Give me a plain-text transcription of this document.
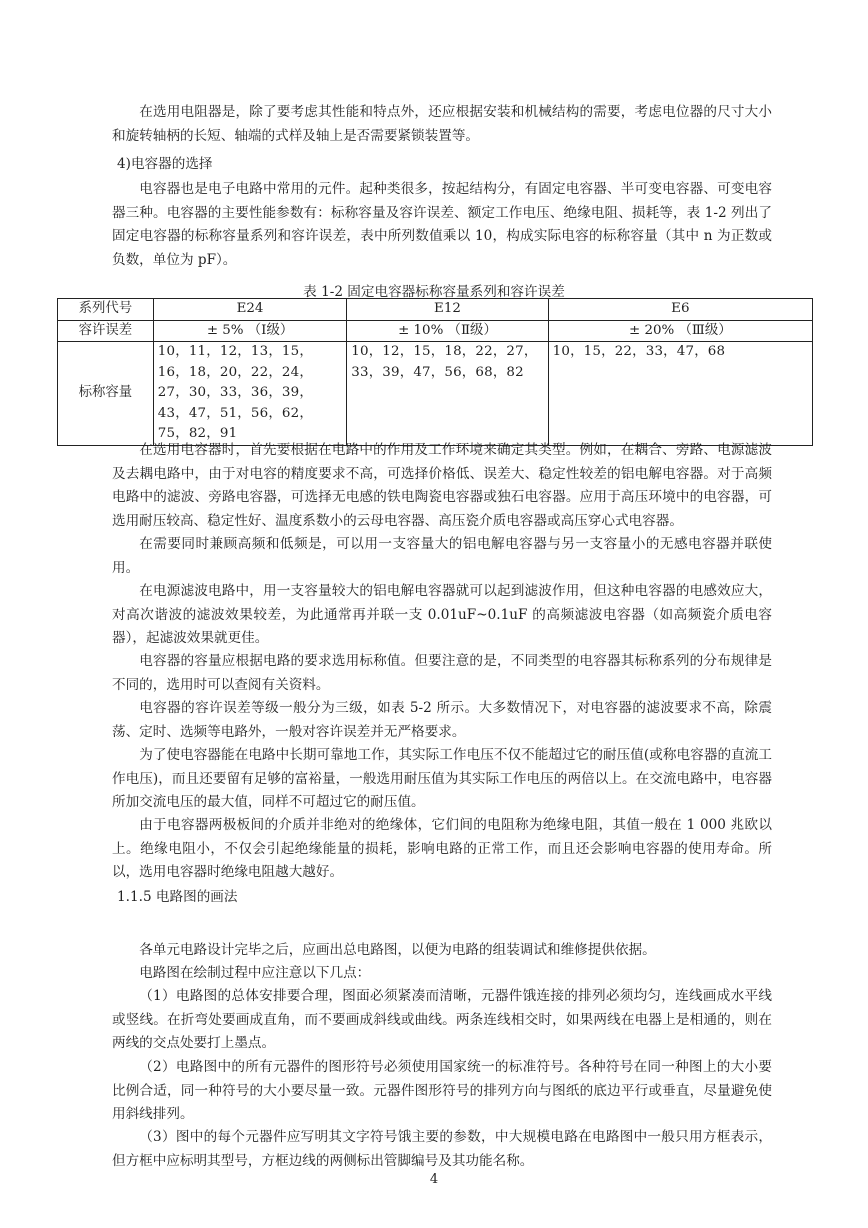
在选用电阻器是，除了要考虑其性能和特点外，还应根据安装和机械结构的需要，考虑电位器的尺寸大小和旋转轴柄的长短、轴端的式样及轴上是否需要紧锁装置等。

4)电容器的选择

电容器也是电子电路中常用的元件。起种类很多，按起结构分，有固定电容器、半可变电容器、可变电容器三种。电容器的主要性能参数有：标称容量及容许误差、额定工作电压、绝缘电阻、损耗等，表 1-2 列出了固定电容器的标称容量系列和容许误差，表中所列数值乘以 10，构成实际电容的标称容量（其中 n 为正数或负数，单位为 pF）。

表 1-2 固定电容器标称容量系列和容许误差

系列代号	E24	E12	E6
容许误差	± 5% （Ⅰ级）	± 10% （Ⅱ级）	± 20% （Ⅲ级）
标称容量	10，11，12，13，15，16，18，20，22，24，27，30，33，36，39，43，47，51，56，62，75，82，91	10，12，15，18，22，27，33，39，47，56，68，82	10，15，22，33，47，68

在选用电容器时，首先要根据在电路中的作用及工作环境来确定其类型。例如，在耦合、旁路、电源滤波及去耦电路中，由于对电容的精度要求不高，可选择价格低、误差大、稳定性较差的铝电解电容器。对于高频电路中的滤波、旁路电容器，可选择无电感的铁电陶瓷电容器或独石电容器。应用于高压环境中的电容器，可选用耐压较高、稳定性好、温度系数小的云母电容器、高压瓷介质电容器或高压穿心式电容器。

在需要同时兼顾高频和低频是，可以用一支容量大的铝电解电容器与另一支容量小的无感电容器并联使用。

在电源滤波电路中，用一支容量较大的铝电解电容器就可以起到滤波作用，但这种电容器的电感效应大，对高次谐波的滤波效果较差，为此通常再并联一支 0.01uF~0.1uF 的高频滤波电容器（如高频瓷介质电容器），起滤波效果就更佳。

电容器的容量应根据电路的要求选用标称值。但要注意的是，不同类型的电容器其标称系列的分布规律是不同的，选用时可以查阅有关资料。

电容器的容许误差等级一般分为三级，如表 5-2 所示。大多数情况下，对电容器的滤波要求不高，除震荡、定时、选频等电路外，一般对容许误差并无严格要求。

为了使电容器能在电路中长期可靠地工作，其实际工作电压不仅不能超过它的耐压值(或称电容器的直流工作电压)，而且还要留有足够的富裕量，一般选用耐压值为其实际工作电压的两倍以上。在交流电路中，电容器所加交流电压的最大值，同样不可超过它的耐压值。

由于电容器两极板间的介质并非绝对的绝缘体，它们间的电阻称为绝缘电阻，其值一般在 1 000 兆欧以上。绝缘电阻小，不仅会引起绝缘能量的损耗，影响电路的正常工作，而且还会影响电容器的使用寿命。所以，选用电容器时绝缘电阻越大越好。

1.1.5 电路图的画法

各单元电路设计完毕之后，应画出总电路图，以便为电路的组装调试和维修提供依据。

电路图在绘制过程中应注意以下几点：

（1）电路图的总体安排要合理，图面必须紧凑而清晰，元器件饿连接的排列必须均匀，连线画成水平线或竖线。在折弯处要画成直角，而不要画成斜线或曲线。两条连线相交时，如果两线在电器上是相通的，则在两线的交点处要打上墨点。

（2）电路图中的所有元器件的图形符号必须使用国家统一的标准符号。各种符号在同一种图上的大小要比例合适，同一种符号的大小要尽量一致。元器件图形符号的排列方向与图纸的底边平行或垂直，尽量避免使用斜线排列。

（3）图中的每个元器件应写明其文字符号饿主要的参数，中大规模电路在电路图中一般只用方框表示，但方框中应标明其型号，方框边线的两侧标出管脚编号及其功能名称。

4
